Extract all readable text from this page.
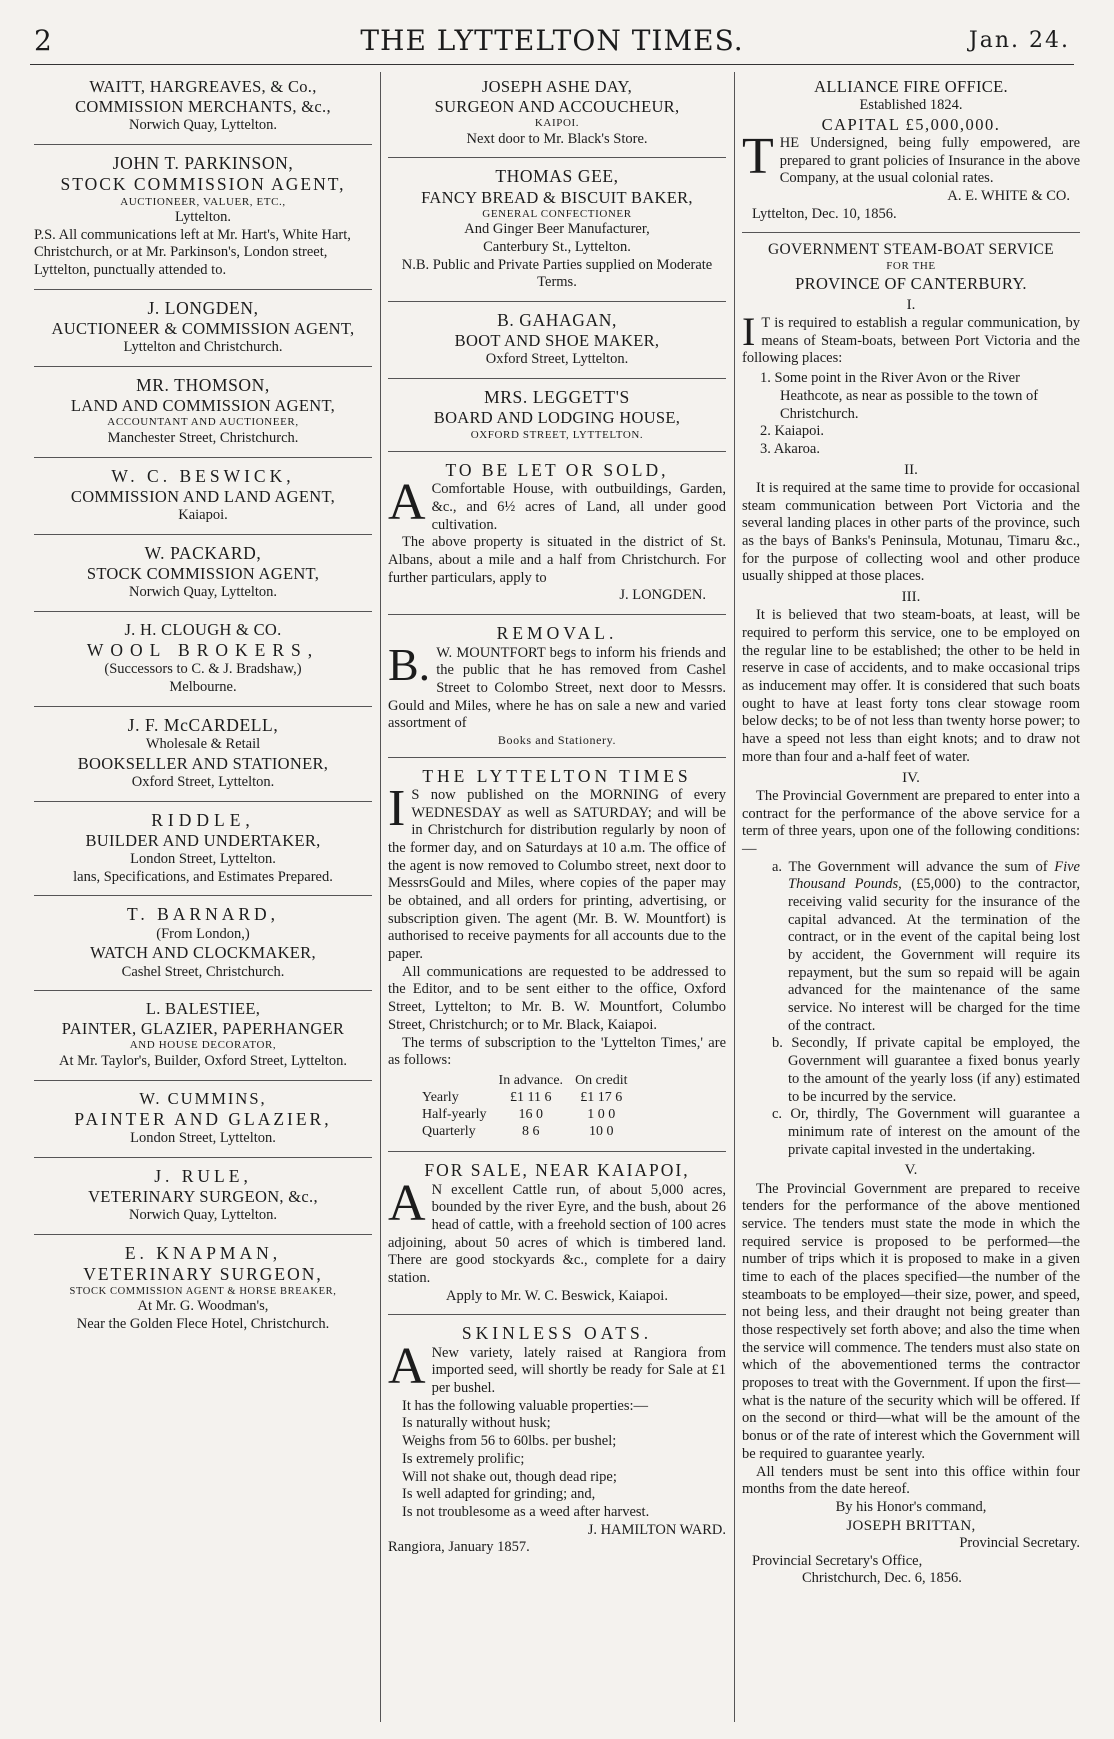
2	THE LYTTELTON TIMES.	Jan. 24.
WAITT, HARGREAVES, & Co.,
COMMISSION MERCHANTS, &c.,
Norwich Quay, Lyttelton.
JOHN T. PARKINSON,
STOCK COMMISSION AGENT,
AUCTIONEER, VALUER, ETC.,
Lyttelton.

P.S. All communications left at Mr. Hart's, White Hart, Christchurch, or at Mr. Parkinson's, London street, Lyttelton, punctually attended to.

J. LONGDEN,
AUCTIONEER & COMMISSION AGENT,
Lyttelton and Christchurch.
MR. THOMSON,
LAND AND COMMISSION AGENT,
ACCOUNTANT AND AUCTIONEER,
Manchester Street, Christchurch.
W. C. BESWICK,
COMMISSION AND LAND AGENT,
Kaiapoi.
W. PACKARD,
STOCK COMMISSION AGENT,
Norwich Quay, Lyttelton.
J. H. CLOUGH & CO.
WOOL BROKERS,
(Successors to C. & J. Bradshaw,)
Melbourne.
J. F. McCARDELL,
Wholesale & Retail
BOOKSELLER AND STATIONER,
Oxford Street, Lyttelton.
RIDDLE,
BUILDER AND UNDERTAKER,
London Street, Lyttelton.
lans, Specifications, and Estimates Prepared.
T. BARNARD,
(From London,)
WATCH AND CLOCKMAKER,
Cashel Street, Christchurch.
L. BALESTIEE,
PAINTER, GLAZIER, PAPERHANGER
AND HOUSE DECORATOR,
At Mr. Taylor's, Builder, Oxford Street, Lyttelton.
W. CUMMINS,
PAINTER AND GLAZIER,
London Street, Lyttelton.
J. RULE,
VETERINARY SURGEON, &c.,
Norwich Quay, Lyttelton.
E. KNAPMAN,
VETERINARY SURGEON,
STOCK COMMISSION AGENT & HORSE BREAKER,
At Mr. G. Woodman's,
Near the Golden Flece Hotel, Christchurch.
JOSEPH ASHE DAY,
SURGEON AND ACCOUCHEUR,
KAIPOI.
Next door to Mr. Black's Store.
THOMAS GEE,
FANCY BREAD & BISCUIT BAKER,
GENERAL CONFECTIONER
And Ginger Beer Manufacturer,
Canterbury St., Lyttelton.

N.B. Public and Private Parties supplied on Moderate Terms.

B. GAHAGAN,
BOOT AND SHOE MAKER,
Oxford Street, Lyttelton.
MRS. LEGGETT'S
BOARD AND LODGING HOUSE,
OXFORD STREET, LYTTELTON.
TO BE LET OR SOLD,
A Comfortable House, with outbuildings, Garden, &c., and 6½ acres of Land, all under good cultivation.

The above property is situated in the district of St. Albans, about a mile and a half from Christchurch. For further particulars, apply to

J. LONGDEN.
REMOVAL.
B. W. MOUNTFORT begs to inform his friends and the public that he has removed from Cashel Street to Colombo Street, next door to Messrs. Gould and Miles, where he has on sale a new and varied assortment of

Books and Stationery.
THE LYTTELTON TIMES
I S now published on the MORNING of every WEDNESDAY as well as SATURDAY; and will be in Christchurch for distribution regularly by noon of the former day, and on Saturdays at 10 a.m. The office of the agent is now removed to Columbo street, next door to MessrsGould and Miles, where copies of the paper may be obtained, and all orders for printing, advertising, or subscription given. The agent (Mr. B. W. Mountfort) is authorised to receive payments for all accounts due to the paper.

All communications are requested to be addressed to the Editor, and to be sent either to the office, Oxford Street, Lyttelton; to Mr. B. W. Mountfort, Columbo Street, Christchurch; or to Mr. Black, Kaiapoi.

The terms of subscription to the 'Lyttelton Times,' are as follows:

	In advance.	On credit
Yearly	£1 11 6	£1 17 6
Half-yearly	16 0	1 0 0
Quarterly	8 6	10 0
FOR SALE, NEAR KAIAPOI,
A N excellent Cattle run, of about 5,000 acres, bounded by the river Eyre, and the bush, about 26 head of cattle, with a freehold section of 100 acres adjoining, about 50 acres of which is timbered land. There are good stockyards &c., complete for a dairy station.

Apply to Mr. W. C. Beswick, Kaiapoi.
SKINLESS OATS.
A New variety, lately raised at Rangiora from imported seed, will shortly be ready for Sale at £1 per bushel.

It has the following valuable properties:—

Is naturally without husk;
Weighs from 56 to 60lbs. per bushel;
Is extremely prolific;
Will not shake out, though dead ripe;
Is well adapted for grinding; and,
Is not troublesome as a weed after harvest.
J. HAMILTON WARD.
Rangiora, January 1857.
ALLIANCE FIRE OFFICE.
Established 1824.
CAPITAL £5,000,000.
T HE Undersigned, being fully empowered, are prepared to grant policies of Insurance in the above Company, at the usual colonial rates.

A. E. WHITE & CO.
Lyttelton, Dec. 10, 1856.
GOVERNMENT STEAM-BOAT SERVICE
FOR THE
PROVINCE OF CANTERBURY.
I.
I T is required to establish a regular communication, by means of Steam-boats, between Port Victoria and the following places:

1. Some point in the River Avon or the River Heathcote, as near as possible to the town of Christchurch.
2. Kaiapoi.
3. Akaroa.
II.

It is required at the same time to provide for occasional steam communication between Port Victoria and the several landing places in other parts of the province, such as the bays of Banks's Peninsula, Motunau, Timaru &c., for the purpose of collecting wool and other produce usually shipped at those places.

III.

It is believed that two steam-boats, at least, will be required to perform this service, one to be employed on the regular line to be established; the other to be held in reserve in case of accidents, and to make occasional trips as inducement may offer. It is considered that such boats ought to have at least forty tons clear stowage room below decks; to be of not less than twenty horse power; to have a speed not less than eight knots; and to draw not more than four and a-half feet of water.

IV.

The Provincial Government are prepared to enter into a contract for the performance of the above service for a term of three years, upon one of the following conditions:—

a. The Government will advance the sum of Five Thousand Pounds, (£5,000) to the contractor, receiving valid security for the insurance of the capital advanced. At the termination of the contract, or in the event of the capital being lost by accident, the Government will require its repayment, but the sum so repaid will be again advanced for the maintenance of the same service. No interest will be charged for the time of the contract.
b. Secondly, If private capital be employed, the Government will guarantee a fixed bonus yearly to the amount of the yearly loss (if any) estimated to be incurred by the service.
c. Or, thirdly, The Government will guarantee a minimum rate of interest on the amount of the private capital invested in the undertaking.
V.

The Provincial Government are prepared to receive tenders for the performance of the above mentioned service. The tenders must state the mode in which the required service is proposed to be performed—the number of trips which it is proposed to make in a given time to each of the places specified—the number of the steamboats to be employed—their size, power, and speed, not being less, and their draught not being greater than those respectively set forth above; and also the time when the service will commence. The tenders must also state on which of the abovementioned terms the contractor proposes to treat with the Government. If upon the first—what is the nature of the security which will be offered. If on the second or third—what will be the amount of the bonus or of the rate of interest which the Government will be required to guarantee yearly.

All tenders must be sent into this office within four months from the date hereof.

By his Honor's command,
JOSEPH BRITTAN,
Provincial Secretary.
Provincial Secretary's Office,
Christchurch, Dec. 6, 1856.
